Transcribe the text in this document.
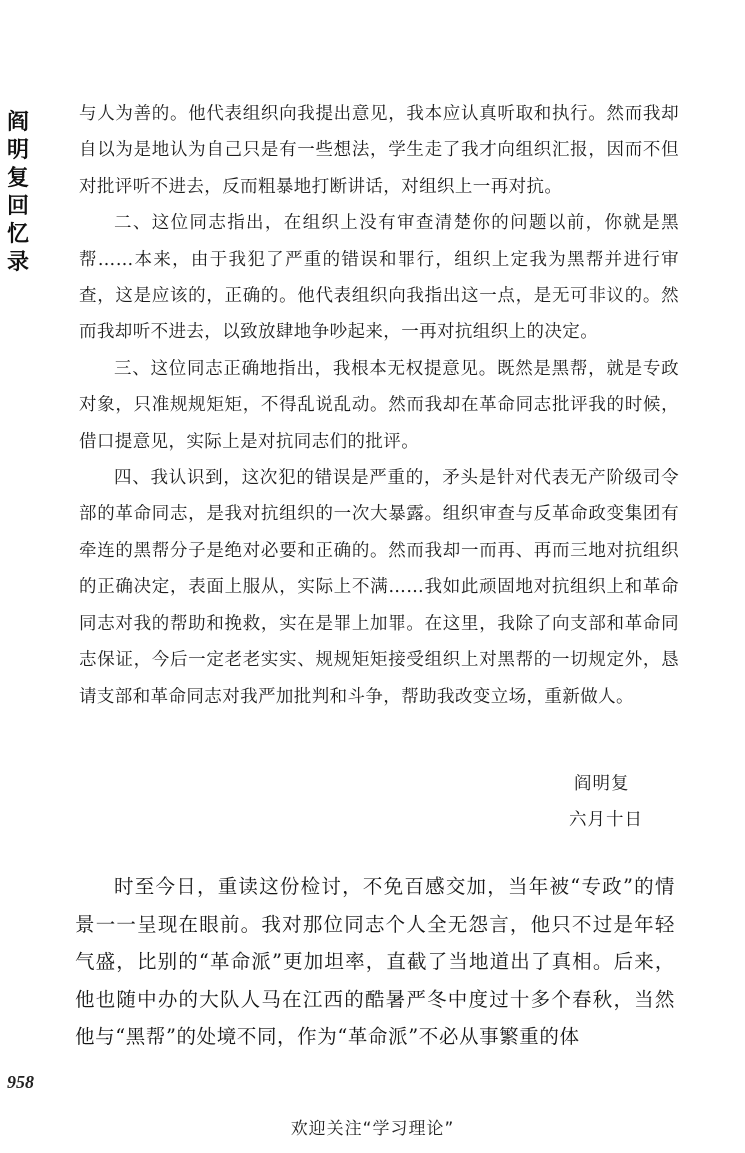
阎
明
复
回
忆
录

与人为善的。他代表组织向我提出意见，我本应认真听取和执行。然而我却自以为是地认为自己只是有一些想法，学生走了我才向组织汇报，因而不但对批评听不进去，反而粗暴地打断讲话，对组织上一再对抗。

二、这位同志指出，在组织上没有审查清楚你的问题以前，你就是黑帮……本来，由于我犯了严重的错误和罪行，组织上定我为黑帮并进行审查，这是应该的，正确的。他代表组织向我指出这一点，是无可非议的。然而我却听不进去，以致放肆地争吵起来，一再对抗组织上的决定。

三、这位同志正确地指出，我根本无权提意见。既然是黑帮，就是专政对象，只准规规矩矩，不得乱说乱动。然而我却在革命同志批评我的时候，借口提意见，实际上是对抗同志们的批评。

四、我认识到，这次犯的错误是严重的，矛头是针对代表无产阶级司令部的革命同志，是我对抗组织的一次大暴露。组织审查与反革命政变集团有牵连的黑帮分子是绝对必要和正确的。然而我却一而再、再而三地对抗组织的正确决定，表面上服从，实际上不满……我如此顽固地对抗组织上和革命同志对我的帮助和挽救，实在是罪上加罪。在这里，我除了向支部和革命同志保证，今后一定老老实实、规规矩矩接受组织上对黑帮的一切规定外，恳请支部和革命同志对我严加批判和斗争，帮助我改变立场，重新做人。

阎明复
六月十日

时至今日，重读这份检讨，不免百感交加，当年被“专政”的情景一一呈现在眼前。我对那位同志个人全无怨言，他只不过是年轻气盛，比别的“革命派”更加坦率，直截了当地道出了真相。后来，他也随中办的大队人马在江西的酷暑严冬中度过十多个春秋，当然他与“黑帮”的处境不同，作为“革命派”不必从事繁重的体

958
欢迎关注“学习理论”
